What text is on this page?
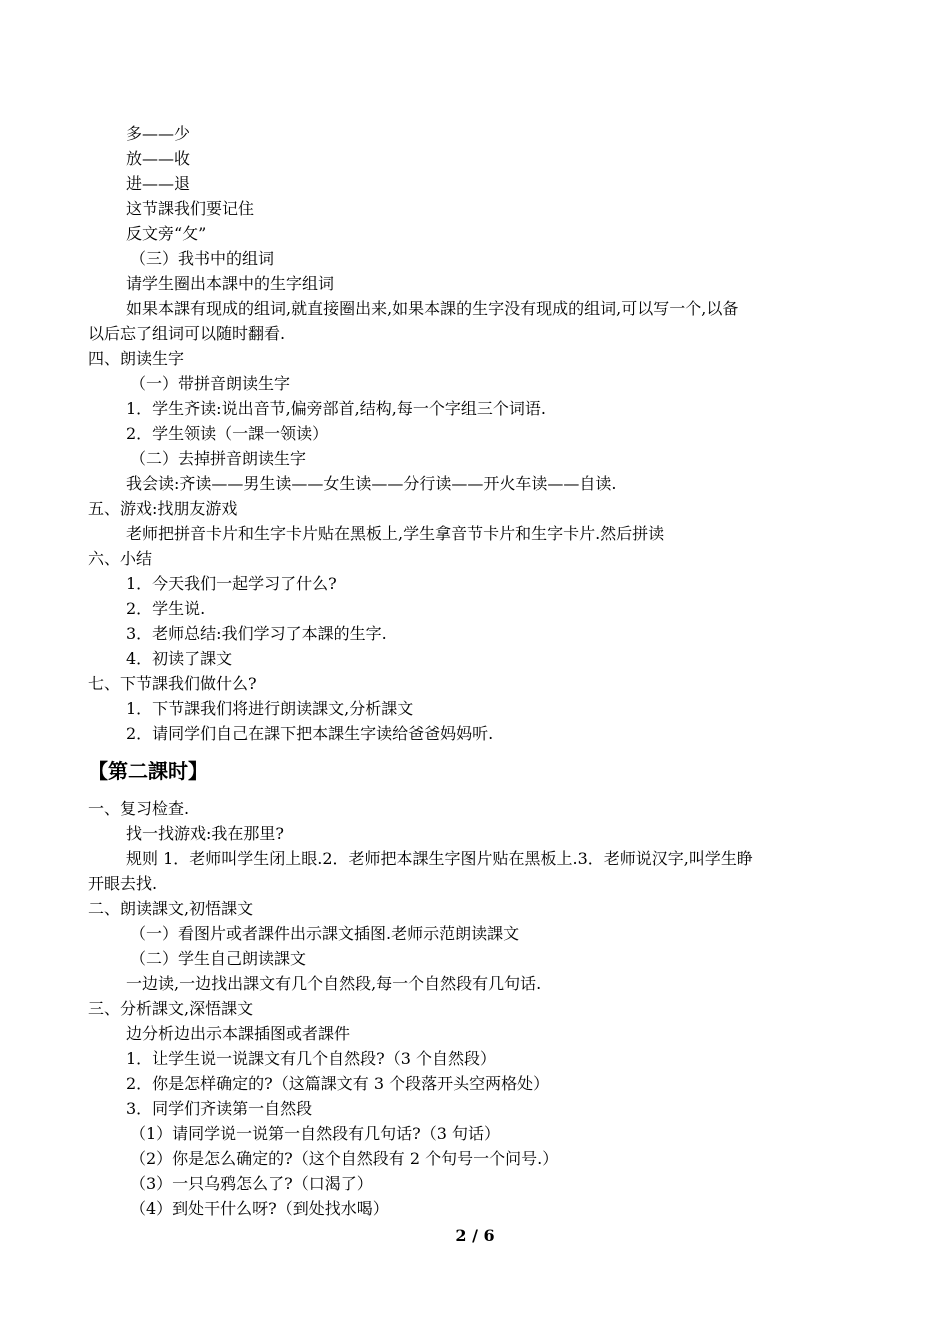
多——少
放——收
进——退
这节課我们要记住
反文旁“攵”
（三）我书中的组词
请学生圈出本課中的生字组词
如果本課有现成的组词,就直接圈出来,如果本課的生字没有现成的组词,可以写一个,以备
以后忘了组词可以随时翻看.
四、朗读生字
（一）带拼音朗读生字
1．学生齐读:说出音节,偏旁部首,结构,每一个字组三个词语.
2．学生领读（一課一领读）
（二）去掉拼音朗读生字
我会读:齐读——男生读——女生读——分行读——开火车读——自读.
五、游戏:找朋友游戏
老师把拼音卡片和生字卡片贴在黑板上,学生拿音节卡片和生字卡片.然后拼读
六、小结
1．今天我们一起学习了什么?
2．学生说.
3．老师总结:我们学习了本課的生字.
4．初读了課文
七、下节課我们做什么?
1．下节課我们将进行朗读課文,分析課文
2．请同学们自己在課下把本課生字读给爸爸妈妈听.
【第二課时】
一、复习检查.
找一找游戏:我在那里?
规则 1．老师叫学生闭上眼.2．老师把本課生字图片贴在黑板上.3．老师说汉字,叫学生睁
开眼去找.
二、朗读課文,初悟課文
（一）看图片或者課件出示課文插图.老师示范朗读課文
（二）学生自己朗读課文
一边读,一边找出課文有几个自然段,每一个自然段有几句话.
三、分析課文,深悟課文
边分析边出示本課插图或者課件
1．让学生说一说課文有几个自然段?（3 个自然段）
2．你是怎样确定的?（这篇課文有 3 个段落开头空两格处）
3．同学们齐读第一自然段
（1）请同学说一说第一自然段有几句话?（3 句话）
（2）你是怎么确定的?（这个自然段有 2 个句号一个问号.）
（3）一只乌鸦怎么了?（口渴了）
（4）到处干什么呀?（到处找水喝）
2 / 6
